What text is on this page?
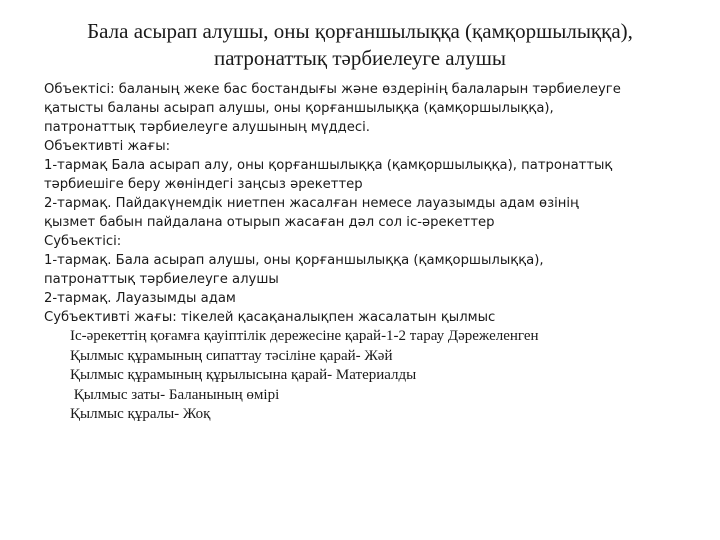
Бала асырап алушы, оны қорғаншылыққа (қамқоршылыққа),
патронаттық тәрбиелеуге алушы

Объектісі: баланың жеке бас бостандығы және өздерінің балаларын тәрбиелеуге
қатысты баланы асырап алушы, оны қорғаншылыққа (қамқоршылыққа),
патронаттық тәрбиелеуге алушының мүддесі.

Объективті жағы:

1-тармақ Бала асырап алу, оны қорғаншылыққа (қамқоршылыққа), патронаттық
тәрбиешіге беру жөніндегі заңсыз әрекеттер

2-тармақ. Пайдакүнемдік ниетпен жасалған немесе лауазымды адам өзінің
қызмет бабын пайдалана отырып жасаған дәл сол іс-әрекеттер

Субъектісі:

1-тармақ. Бала асырап алушы, оны қорғаншылыққа (қамқоршылыққа),
патронаттық тәрбиелеуге алушы

2-тармақ. Лауазымды адам

Субъективті жағы: тікелей қасақаналықпен жасалатын қылмыс

Іс-әрекеттің қоғамға қауіптілік дережесіне қарай-1-2 тарау Дәрежеленген
Қылмыс құрамының сипаттау тәсіліне қарай- Жәй
Қылмыс құрамының құрылысына қарай- Материалды
Қылмыс заты- Баланының өмірі
Қылмыс құралы- Жоқ
